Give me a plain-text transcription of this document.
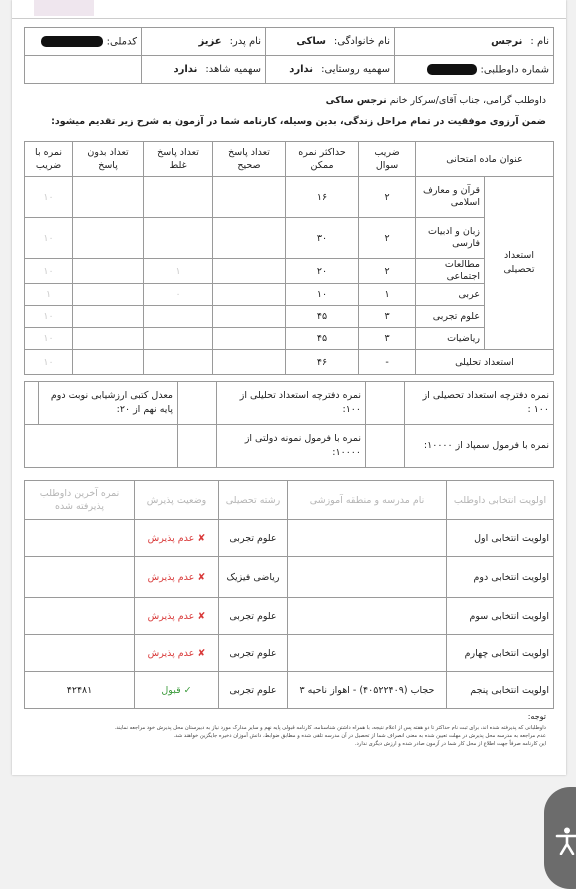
نام :نرجس	نام خانوادگی:ساکی	نام پدر:عزیز	کدملی:
شماره داوطلبی:	سهمیه روستایی:ندارد	سهمیه شاهد:ندارد	
داوطلب گرامی، جناب آقای/سرکار خانم نرجس ساکی
ضمن آرزوی موفقیت در تمام مراحل زندگی، بدین وسیله، کارنامه شما در آزمون به شرح زیر تقدیم میشود:
عنوان ماده امتحانی		ضریب سوال	حداکثر نمره ممکن	تعداد پاسخ صحیح	تعداد پاسخ غلط	تعداد بدون پاسخ	نمره با ضریب
استعداد تحصیلی	قرآن و معارف اسلامی	۲	۱۶				۱۰
	زبان و ادبیات فارسی	۲	۳۰				۱۰
	مطالعات اجتماعی	۲	۲۰		۱		۱۰
	عربی	۱	۱۰		۰		۱
	علوم تجربی	۳	۴۵				۱۰
	ریاضیات	۳	۴۵				۱۰
استعداد تحلیلی		-	۴۶				۱۰
نمره دفترچه استعداد تحصیلی از ۱۰۰ :		نمره دفترچه استعداد تحلیلی از ۱۰۰:		معدل کتبی ارزشیابی نوبت دوم پایه نهم از ۲۰:	
نمره با فرمول سمپاد از ۱۰۰۰۰:		نمره با فرمول نمونه دولتی از ۱۰۰۰۰:			
اولویت انتخابی داوطلب	نام مدرسه و منطقه آموزشی	رشته تحصیلی	وضعیت پذیرش	نمره آخرین داوطلب پذیرفته شده
اولویت انتخابی اول		علوم تجربی	✘ عدم پذیرش	
اولویت انتخابی دوم		ریاضی فیزیک	✘ عدم پذیرش	
اولویت انتخابی سوم		علوم تجربی	✘ عدم پذیرش	
اولویت انتخابی چهارم		علوم تجربی	✘ عدم پذیرش	
اولویت انتخابی پنجم	حجاب (۴۰۵۲۲۴۰۹) - اهواز ناحیه ۳	علوم تجربی	✓ قبول	۴۲۴۸۱
توجه:
داوطلبانی که پذیرفته شده اند، برای ثبت نام حداکثر تا دو هفته پس از اعلام نتیجه، با همراه داشتن شناسنامه، کارنامه قبولی پایه نهم و سایر مدارک مورد نیاز به دبیرستان محل پذیرش خود مراجعه نمایند.
عدم مراجعه به مدرسه محل پذیرش در مهلت تعیین شده به معنی انصراف شما از تحصیل در آن مدرسه تلقی شده و مطابق ضوابط، دانش آموزان ذخیره جایگزین خواهند شد.
این کارنامه صرفاً جهت اطلاع از محل کار شما در آزمون صادر شده و ارزش دیگری ندارد.
